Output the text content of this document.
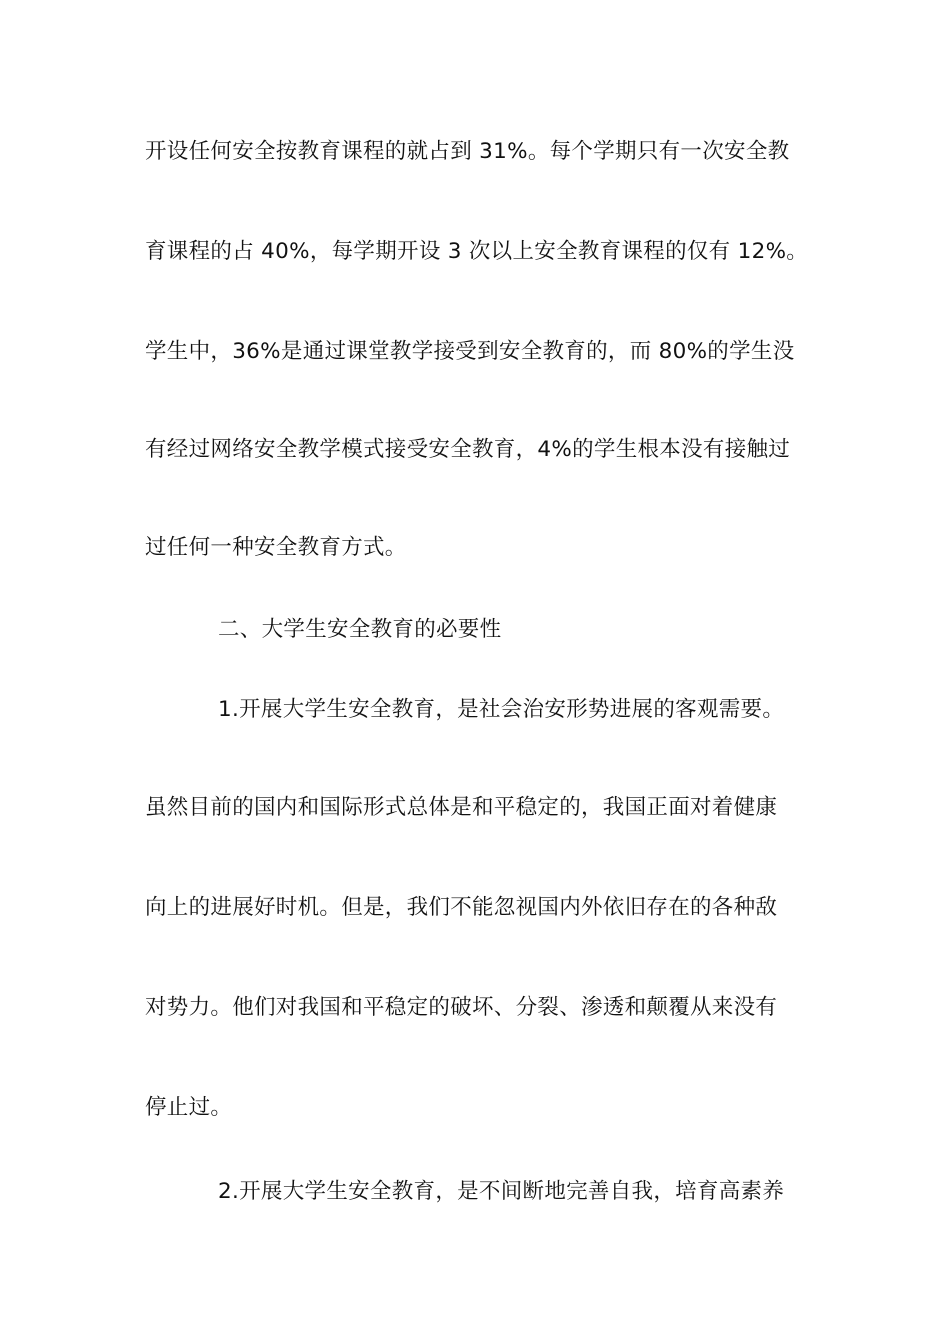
开设任何安全按教育课程的就占到 31%。每个学期只有一次安全教
育课程的占 40%，每学期开设 3 次以上安全教育课程的仅有 12%。
学生中，36%是通过课堂教学接受到安全教育的，而 80%的学生没
有经过网络安全教学模式接受安全教育，4%的学生根本没有接触过
过任何一种安全教育方式。
二、大学生安全教育的必要性
1.开展大学生安全教育，是社会治安形势进展的客观需要。
虽然目前的国内和国际形式总体是和平稳定的，我国正面对着健康
向上的进展好时机。但是，我们不能忽视国内外依旧存在的各种敌
对势力。他们对我国和平稳定的破坏、分裂、渗透和颠覆从来没有
停止过。
2.开展大学生安全教育，是不间断地完善自我，培育高素养
